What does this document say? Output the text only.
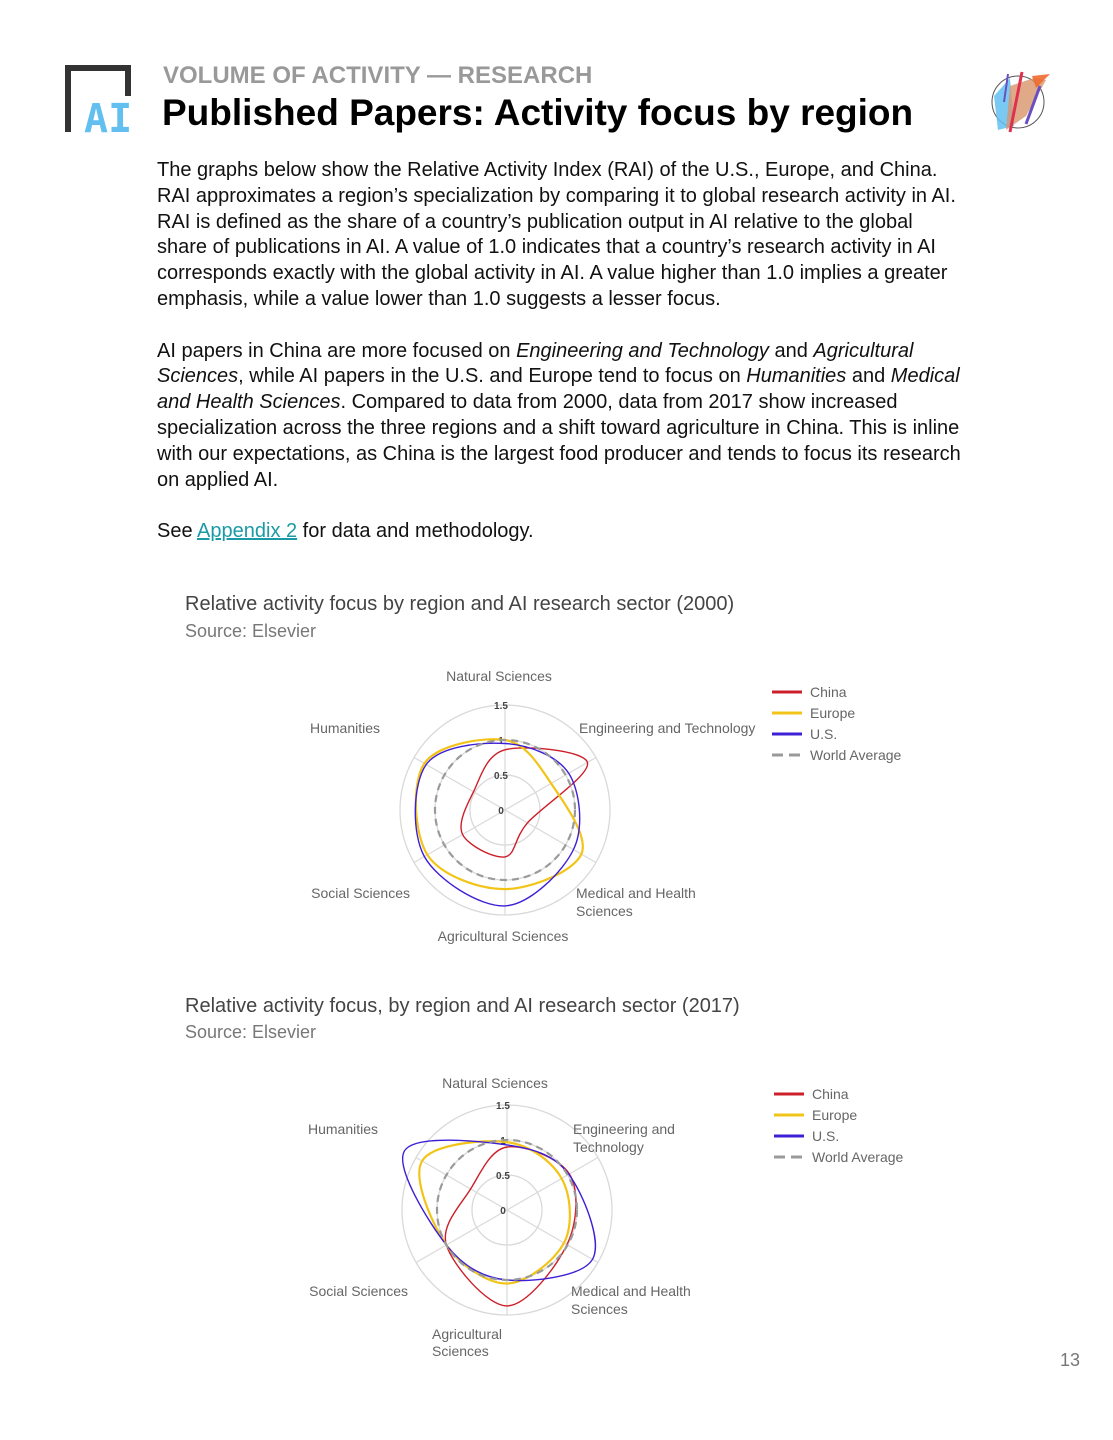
AI
VOLUME OF ACTIVITY — RESEARCH
Published Papers: Activity focus by region

The graphs below show the Relative Activity Index (RAI) of the U.S., Europe, and China. RAI approximates a region’s specialization by comparing it to global research activity in AI. RAI is defined as the share of a country’s publication output in AI relative to the global share of publications in AI. A value of 1.0 indicates that a country’s research activity in AI corresponds exactly with the global activity in AI. A value higher than 1.0 implies a greater emphasis, while a value lower than 1.0 suggests a lesser focus.

AI papers in China are more focused on Engineering and Technology and Agricultural Sciences, while AI papers in the U.S. and Europe tend to focus on Humanities and Medical and Health Sciences. Compared to data from 2000, data from 2017 show increased specialization across the three regions and a shift toward agriculture in China. This is inline with our expectations, as China is the largest food producer and tends to focus its research on applied AI.

See Appendix 2 for data and methodology.

Relative activity focus by region and AI research sector (2000)
Source: Elsevier
0
0.5
1
1.5
Natural Sciences
Engineering and Technology
Medical and Health
Sciences
Agricultural Sciences
Social Sciences
Humanities
China
Europe
U.S.
World Average
Relative activity focus, by region and AI research sector (2017)
Source: Elsevier
0
0.5
1
1.5
Natural Sciences
Engineering and
Technology
Medical and Health
Sciences
Agricultural
Sciences
Social Sciences
Humanities
China
Europe
U.S.
World Average
13
